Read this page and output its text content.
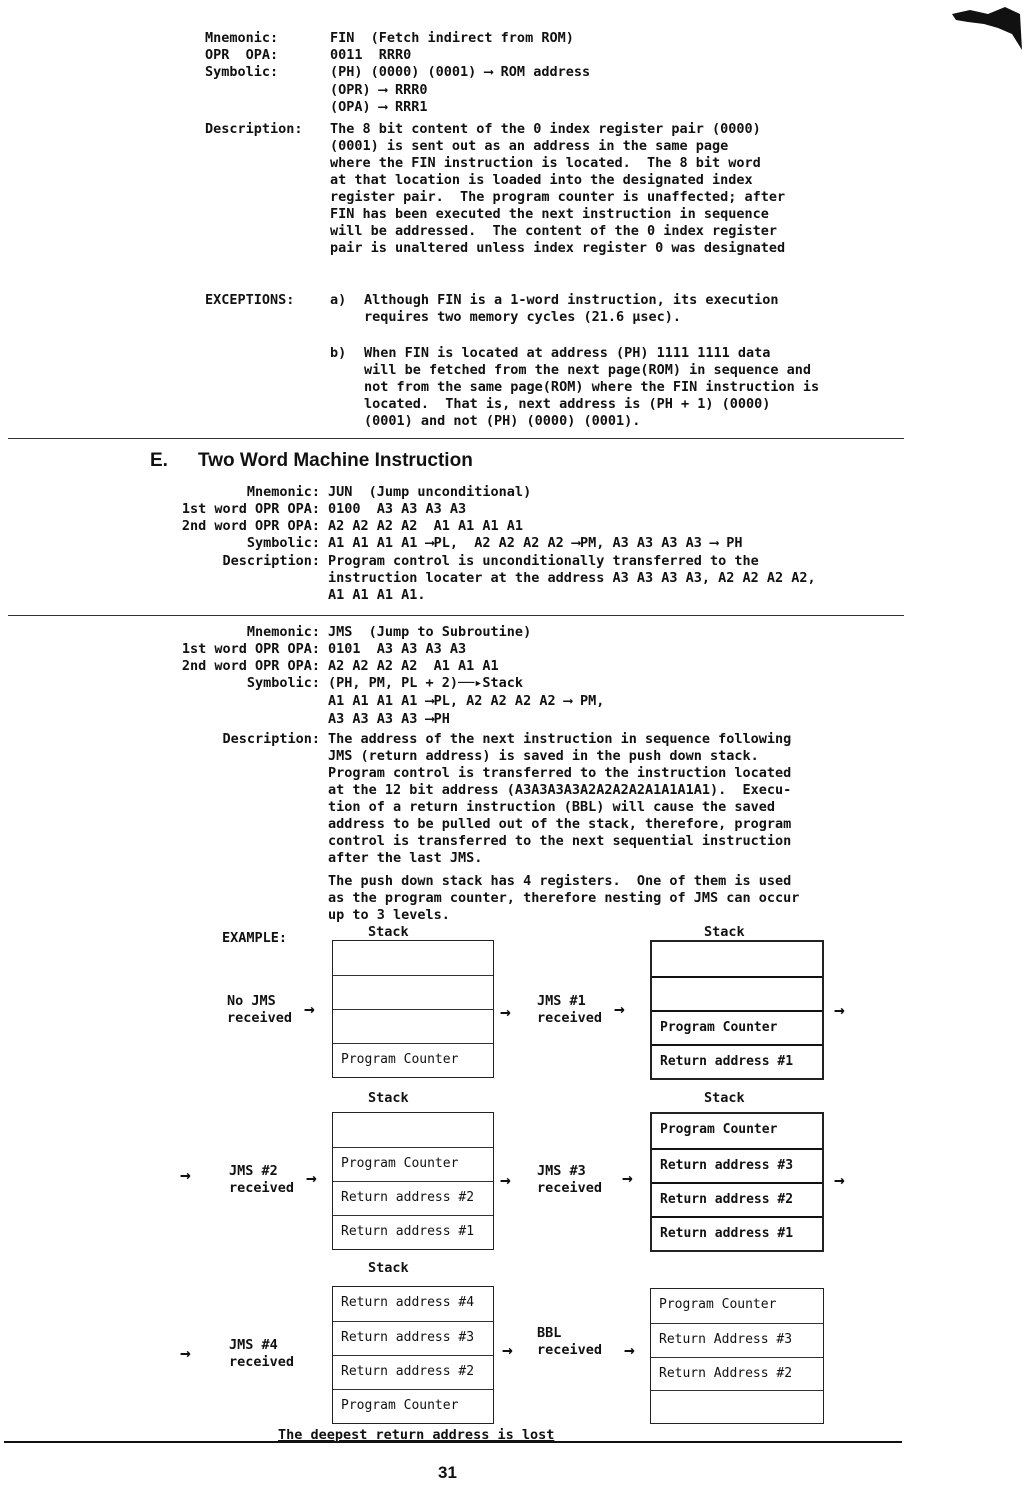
Mnemonic:	FIN  (Fetch indirect from ROM)
OPR  OPA:	0011  RRR0
Symbolic:	(PH) (0000) (0001) ⟶ ROM address
(OPR) ⟶ RRR0
(OPA) ⟶ RRR1
Description: The 8 bit content of the 0 index register pair (0000)
(0001) is sent out as an address in the same page
where the FIN instruction is located.  The 8 bit word
at that location is loaded into the designated index
register pair.  The program counter is unaffected; after
FIN has been executed the next instruction in sequence
will be addressed.  The content of the 0 index register
pair is unaltered unless index register 0 was designated
EXCEPTIONS:	a) Although FIN is a 1-word instruction, its execution
requires two memory cycles (21.6 µsec).
b) When FIN is located at address (PH) 1111 1111 data
will be fetched from the next page(ROM) in sequence and
not from the same page(ROM) where the FIN instruction is
located.  That is, next address is (PH + 1) (0000)
(0001) and not (PH) (0000) (0001).
E. Two Word Machine Instruction
Mnemonic: JUN  (Jump unconditional)
1st word OPR OPA: 0100  A3 A3 A3 A3
2nd word OPR OPA: A2 A2 A2 A2  A1 A1 A1 A1
Symbolic: A1 A1 A1 A1 ⟶PL,  A2 A2 A2 A2 ⟶PM, A3 A3 A3 A3 ⟶ PH
Description: Program control is unconditionally transferred to the
instruction locater at the address A3 A3 A3 A3, A2 A2 A2 A2,
A1 A1 A1 A1.
Mnemonic: JMS  (Jump to Subroutine)
1st word OPR OPA: 0101  A3 A3 A3 A3
2nd word OPR OPA: A2 A2 A2 A2  A1 A1 A1
Symbolic: (PH, PM, PL + 2)──▸Stack
A1 A1 A1 A1 ⟶PL, A2 A2 A2 A2 ⟶ PM,
A3 A3 A3 A3 ⟶PH
Description: The address of the next instruction in sequence following
JMS (return address) is saved in the push down stack.
Program control is transferred to the instruction located
at the 12 bit address (A3A3A3A3A2A2A2A2A1A1A1A1).  Execu-
tion of a return instruction (BBL) will cause the saved
address to be pulled out of the stack, therefore, program
control is transferred to the next sequential instruction
after the last JMS.
The push down stack has 4 registers.  One of them is used
as the program counter, therefore nesting of JMS can occur
up to 3 levels.
EXAMPLE:	Stack	Stack
No JMS
received →
Program Counter
→
JMS #1
received →
Program Counter
Return address #1
→
Stack	Stack
→	JMS #2
received →
Program Counter
Return address #2
Return address #1
→ JMS #3
received →
Program Counter
Return address #3
Return address #2
Return address #1
→
Stack
→	JMS #4
received
Return address #4
Return address #3
Return address #2
Program Counter
BBL
→ received →
Program Counter
Return Address #3
Return Address #2
The deepest return address is lost
31
